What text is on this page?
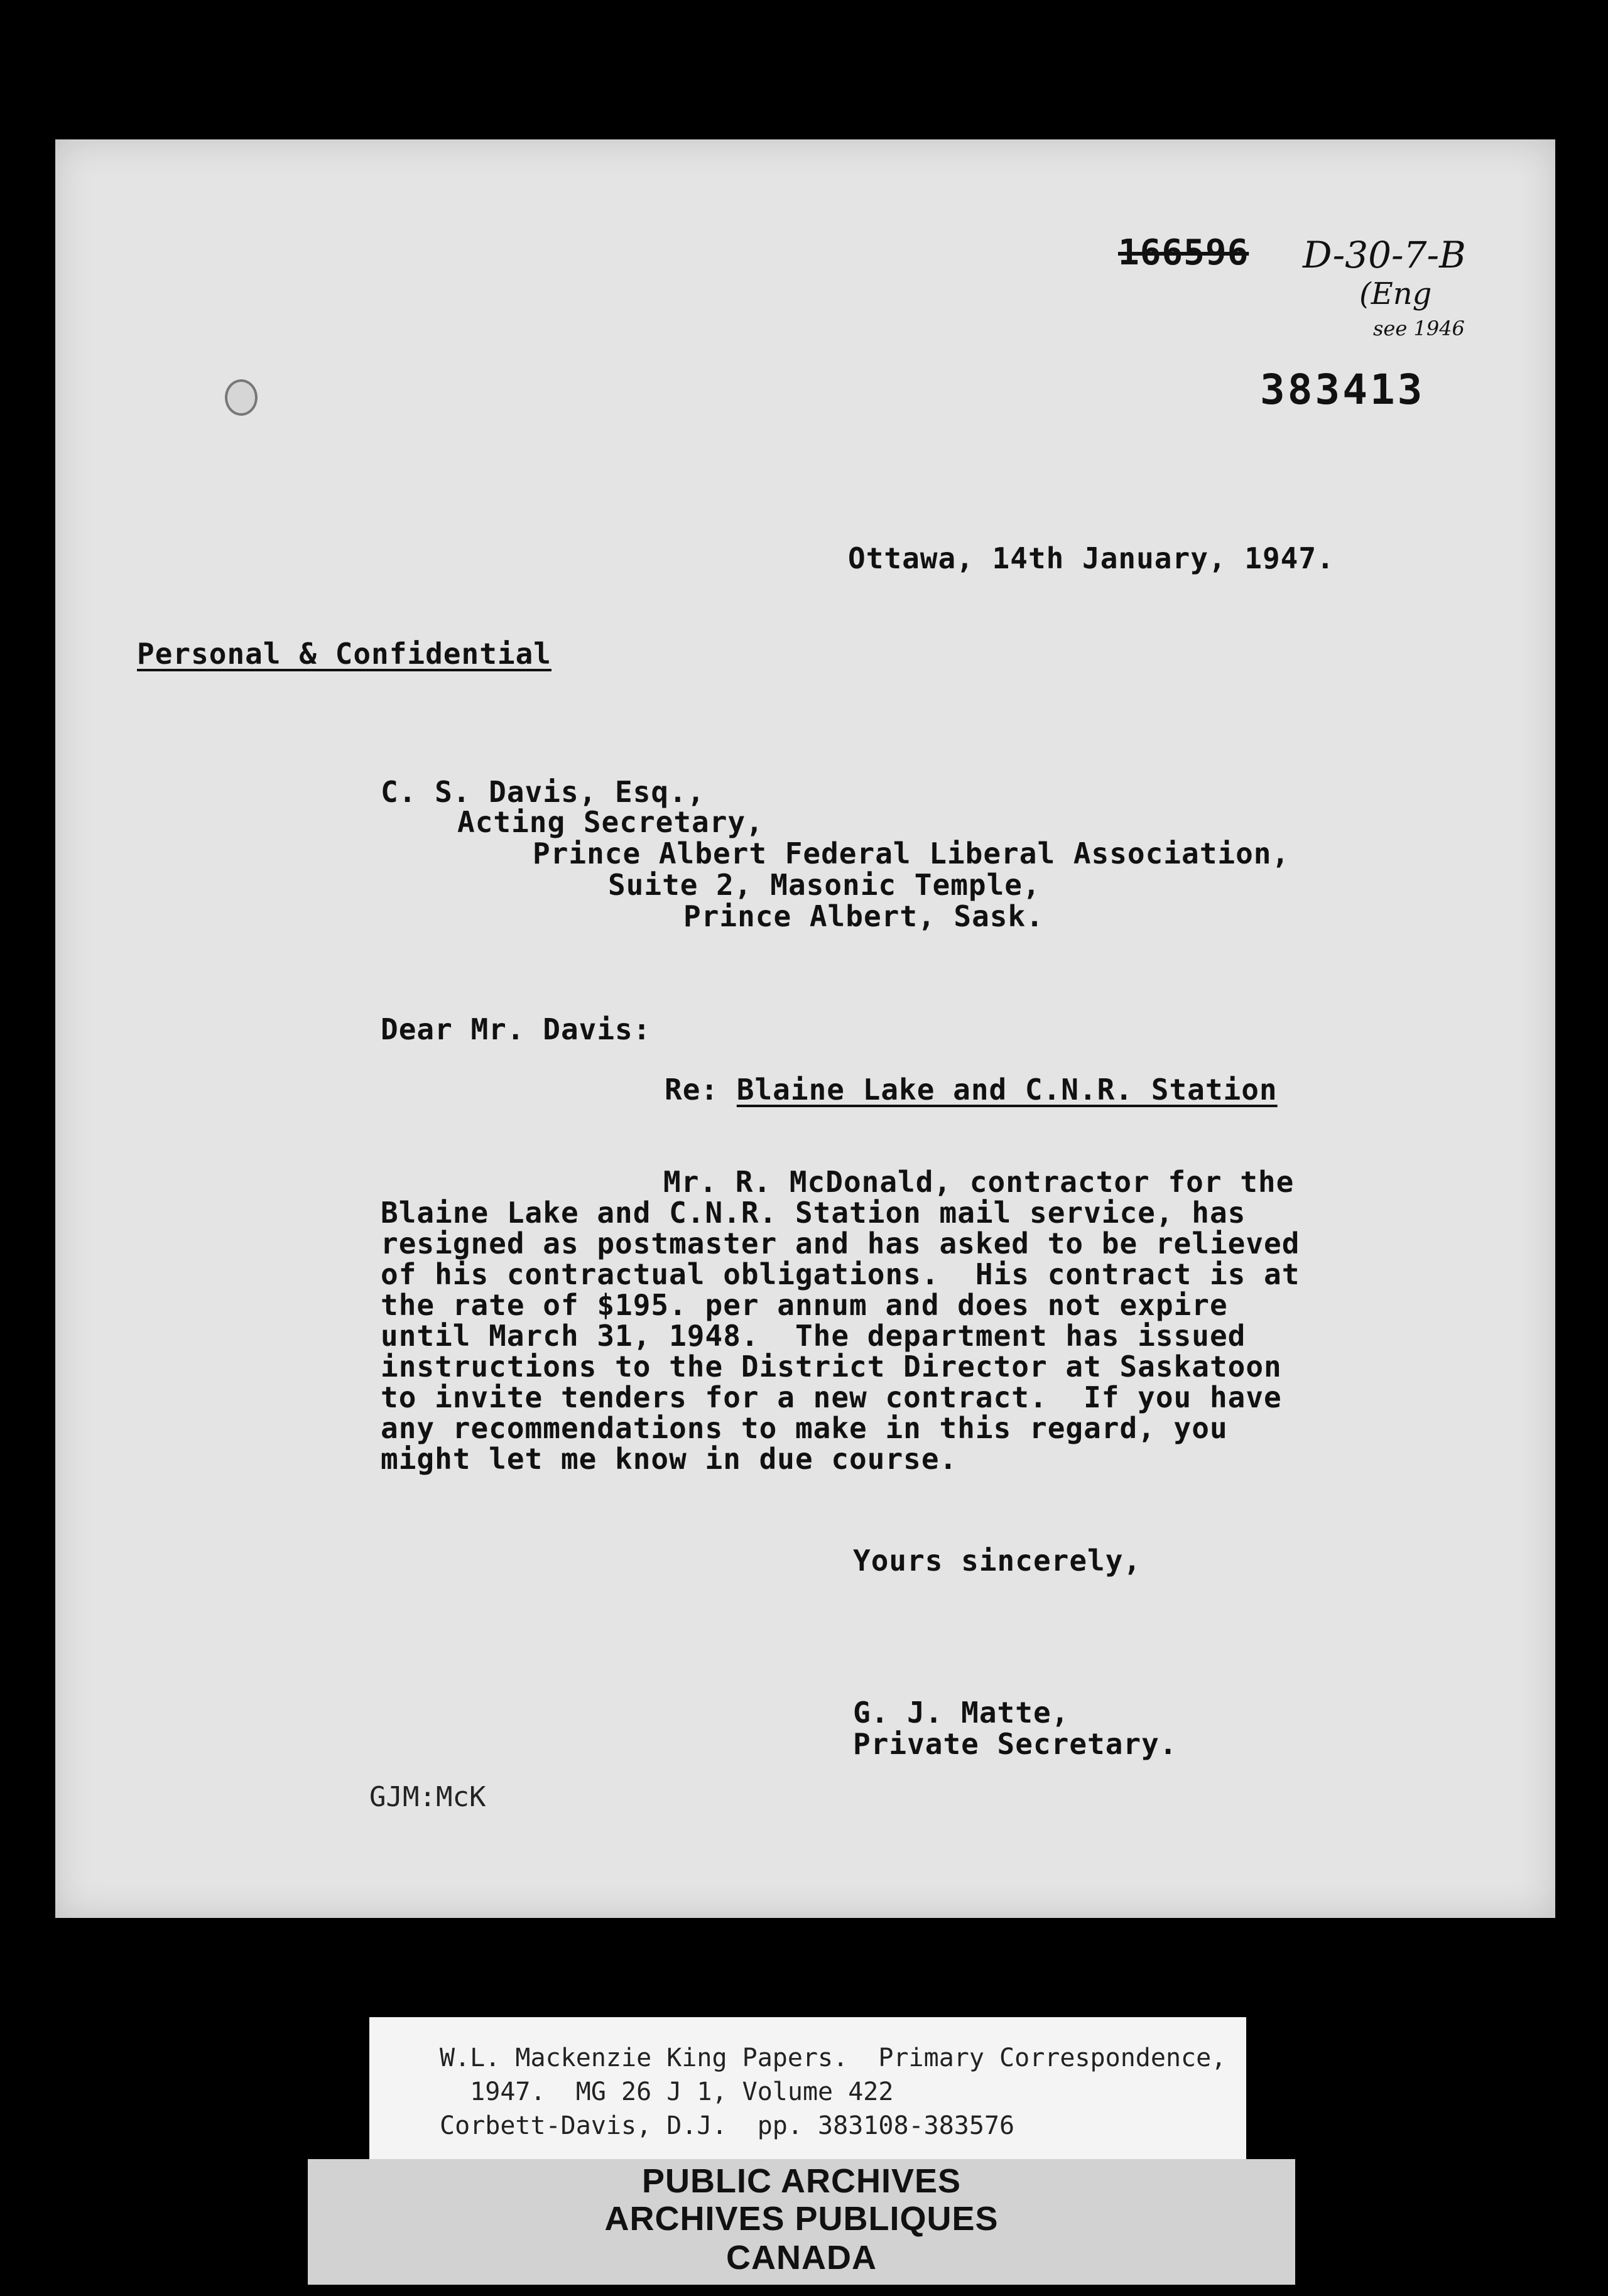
166596 D-30-7-B
(Eng
see 1946
383413
Ottawa, 14th January, 1947.
Personal & Confidential
C. S. Davis, Esq.,
Acting Secretary,
Prince Albert Federal Liberal Association,
Suite 2, Masonic Temple,
Prince Albert, Sask.
Dear Mr. Davis:
Re: Blaine Lake and C.N.R. Station
Mr. R. McDonald, contractor for the
Blaine Lake and C.N.R. Station mail service, has
resigned as postmaster and has asked to be relieved
of his contractual obligations.  His contract is at
the rate of $195. per annum and does not expire
until March 31, 1948.  The department has issued
instructions to the District Director at Saskatoon
to invite tenders for a new contract.  If you have
any recommendations to make in this regard, you
might let me know in due course.
Yours sincerely,
G. J. Matte,
Private Secretary.
GJM:McK
W.L. Mackenzie King Papers.  Primary Correspondence,
1947.  MG 26 J 1, Volume 422
Corbett-Davis, D.J.  pp. 383108-383576
PUBLIC ARCHIVES
ARCHIVES PUBLIQUES
CANADA
